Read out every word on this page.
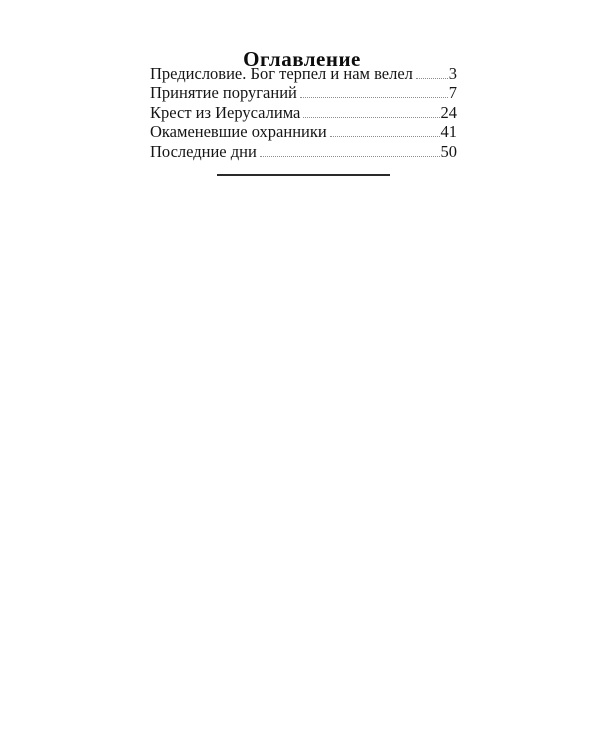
Оглавление
Предисловие. Бог терпел и нам велел 3
Принятие поруганий	7
Крест из Иерусалима	24
Окаменевшие охранники	41
Последние дни	50
